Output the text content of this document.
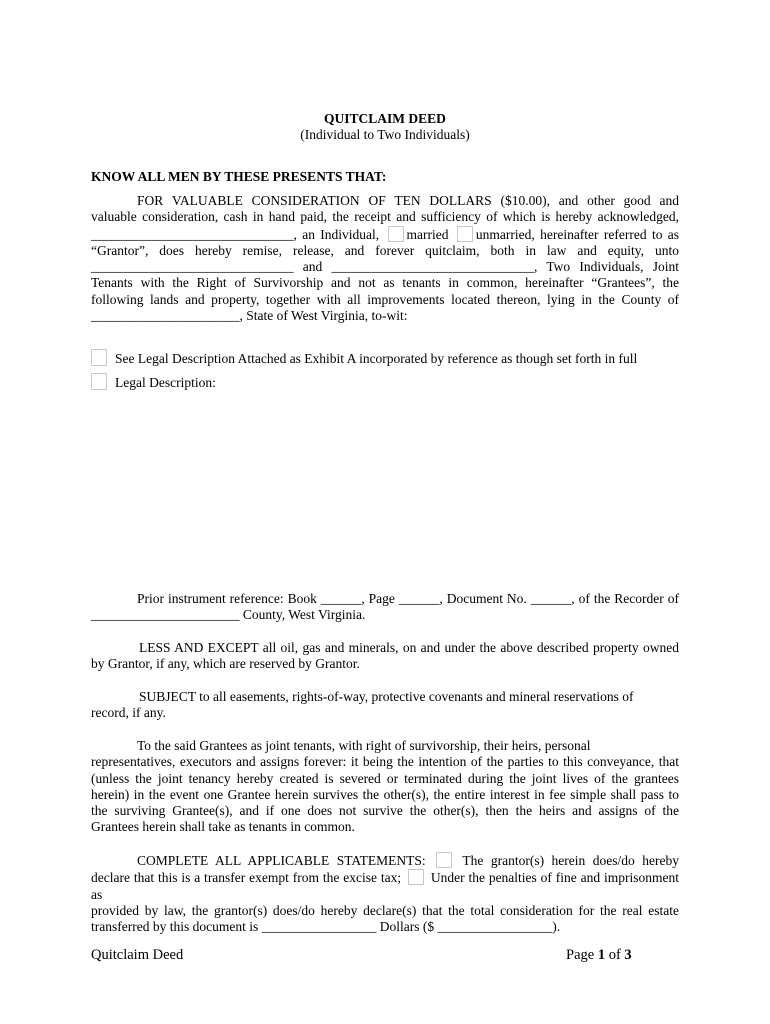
QUITCLAIM DEED
(Individual to Two Individuals)
KNOW ALL MEN BY THESE PRESENTS THAT:
FOR VALUABLE CONSIDERATION OF TEN DOLLARS ($10.00), and other good and
valuable consideration, cash in hand paid, the receipt and sufficiency of which is hereby acknowledged,
______________________________, an Individual, married unmarried, hereinafter referred to as
“Grantor”, does hereby remise, release, and forever quitclaim, both in law and equity, unto
______________________________ and ______________________________, Two Individuals, Joint
Tenants with the Right of Survivorship and not as tenants in common, hereinafter “Grantees”, the
following lands and property, together with all improvements located thereon, lying in the County of
______________________, State of West Virginia, to-wit:
See Legal Description Attached as Exhibit A incorporated by reference as though set forth in full
Legal Description:
Prior instrument reference: Book ______, Page ______, Document No. ______, of the Recorder of
______________________ County, West Virginia.
LESS AND EXCEPT all oil, gas and minerals, on and under the above described property owned
by Grantor, if any, which are reserved by Grantor.
SUBJECT to all easements, rights-of-way, protective covenants and mineral reservations of
record, if any.
To the said Grantees as joint tenants, with right of survivorship, their heirs, personal
representatives, executors and assigns forever: it being the intention of the parties to this conveyance, that
(unless the joint tenancy hereby created is severed or terminated during the joint lives of the grantees
herein) in the event one Grantee herein survives the other(s), the entire interest in fee simple shall pass to
the surviving Grantee(s), and if one does not survive the other(s), then the heirs and assigns of the
Grantees herein shall take as tenants in common.
COMPLETE ALL APPLICABLE STATEMENTS:	The grantor(s) herein does/do hereby
declare that this is a transfer exempt from the excise tax; Under the penalties of fine and imprisonment as
provided by law, the grantor(s) does/do hereby declare(s) that the total consideration for the real estate
transferred by this document is _________________ Dollars ($ _________________).
Quitclaim Deed	Page 1 of 3
